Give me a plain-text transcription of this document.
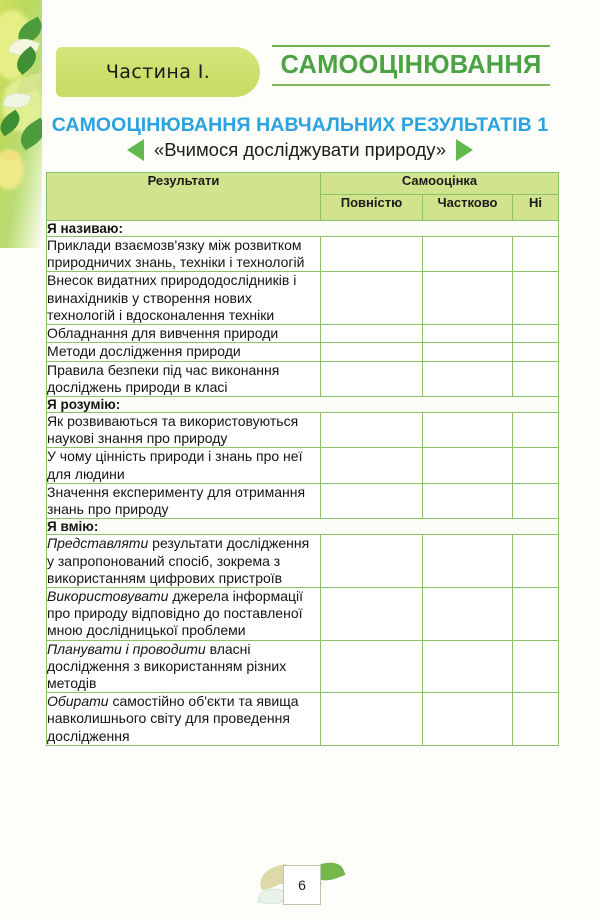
Частина I.	САМООЦІНЮВАННЯ
САМООЦІНЮВАННЯ НАВЧАЛЬНИХ РЕЗУЛЬТАТІВ 1
«Вчимося досліджувати природу»
Результати	Самооцінка		
	Повністю	Частково	Ні
Я називаю:			
Приклади взаємозв'язку між розвитком природничих знань, техніки і технологій			
Внесок видатних природодослідників і винахідників у створення нових технологій і вдосконалення техніки			
Обладнання для вивчення природи			
Методи дослідження природи			
Правила безпеки під час виконання досліджень природи в класі			
Я розумію:			
Як розвиваються та використовуються наукові знання про природу			
У чому цінність природи і знань про неї для людини			
Значення експерименту для отримання знань про природу			
Я вмію:			
Представляти результати дослідження у запропонований спосіб, зокрема з використанням цифрових пристроїв			
Використовувати джерела інформації про природу відповідно до поставленої мною дослідницької проблеми			
Планувати і проводити власні дослідження з використанням різних методів			
Обирати самостійно об'єкти та явища навколишнього світу для проведення дослідження			
6
